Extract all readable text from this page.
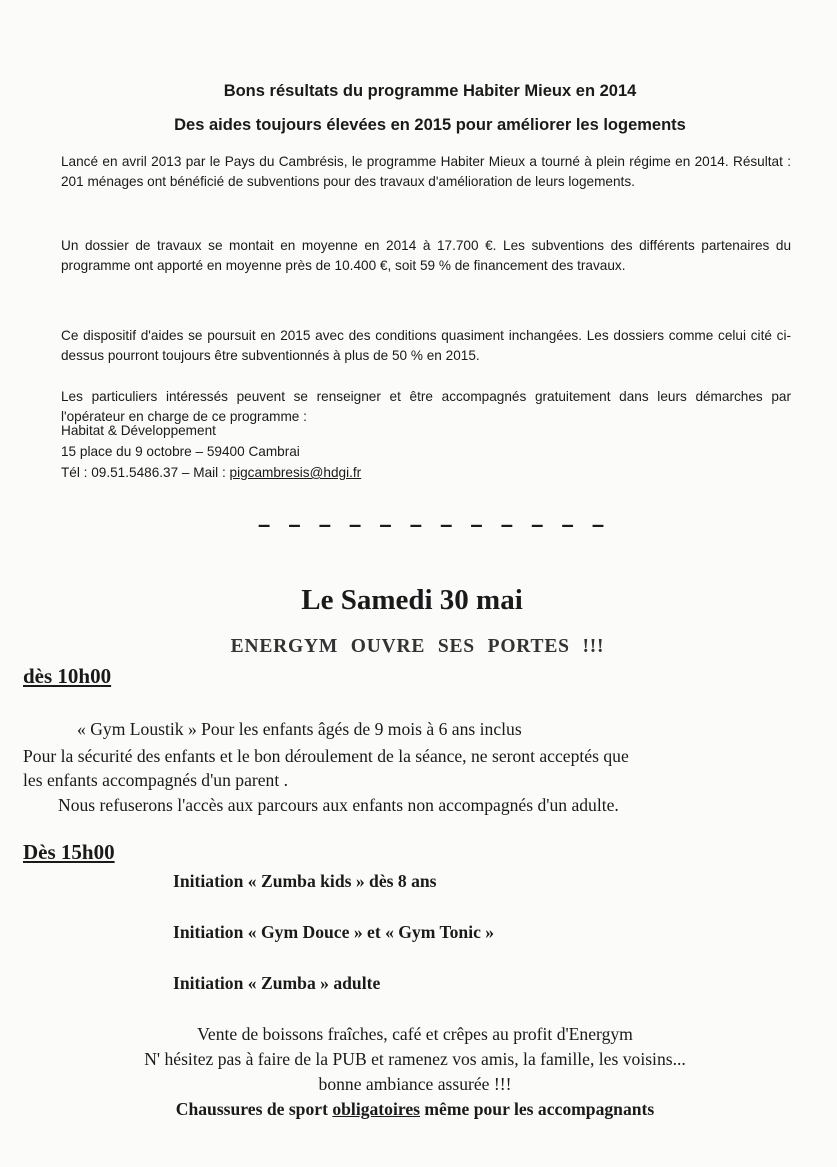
Bons résultats du programme Habiter Mieux en 2014
Des aides toujours élevées en 2015 pour améliorer les logements

Lancé en avril 2013 par le Pays du Cambrésis, le programme Habiter Mieux a tourné à plein régime en 2014. Résultat : 201 ménages ont bénéficié de subventions pour des travaux d'amélioration de leurs logements.

Un dossier de travaux se montait en moyenne en 2014 à 17.700 €. Les subventions des différents partenaires du programme ont apporté en moyenne près de 10.400 €, soit 59 % de financement des travaux.

Ce dispositif d'aides se poursuit en 2015 avec des conditions quasiment inchangées. Les dossiers comme celui cité ci-dessus pourront toujours être subventionnés à plus de 50 % en 2015.

Les particuliers intéressés peuvent se renseigner et être accompagnés gratuitement dans leurs démarches par l'opérateur en charge de ce programme :

Habitat & Développement
15 place du 9 octobre – 59400 Cambrai
Tél : 09.51.5486.37 – Mail : pigcambresis@hdgi.fr
– – – – – – – – – – – –
Le Samedi 30 mai
ENERGYM OUVRE SES PORTES !!!
dès 10h00
« Gym Loustik » Pour les enfants âgés de 9 mois à 6 ans inclus
Pour la sécurité des enfants et le bon déroulement de la séance, ne seront acceptés que
les enfants accompagnés d'un parent .
Nous refuserons l'accès aux parcours aux enfants non accompagnés d'un adulte.
Dès 15h00
Initiation « Zumba kids » dès 8 ans
Initiation « Gym Douce » et « Gym Tonic »
Initiation « Zumba » adulte
Vente de boissons fraîches, café et crêpes au profit d'Energym
N' hésitez pas à faire de la PUB et ramenez vos amis, la famille, les voisins...
bonne ambiance assurée !!!
Chaussures de sport obligatoires même pour les accompagnants
